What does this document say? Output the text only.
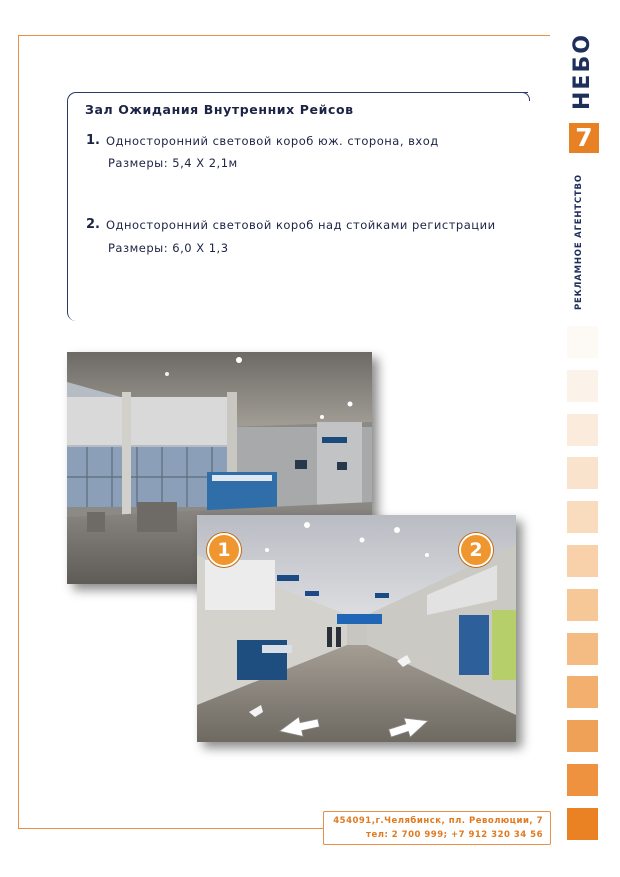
Зал Ожидания Внутренних Рейсов
1. Односторонний световой короб юж. сторона, вход
Размеры: 5,4 Х 2,1м
2. Односторонний световой короб над стойками регистрации
Размеры: 6,0 Х 1,3
НЕБО
7
РЕКЛАМНОЕ АГЕНТСТВО
1	2
454091,г.Челябинск, пл. Революции, 7
тел: 2 700 999; +7 912 320 34 56
